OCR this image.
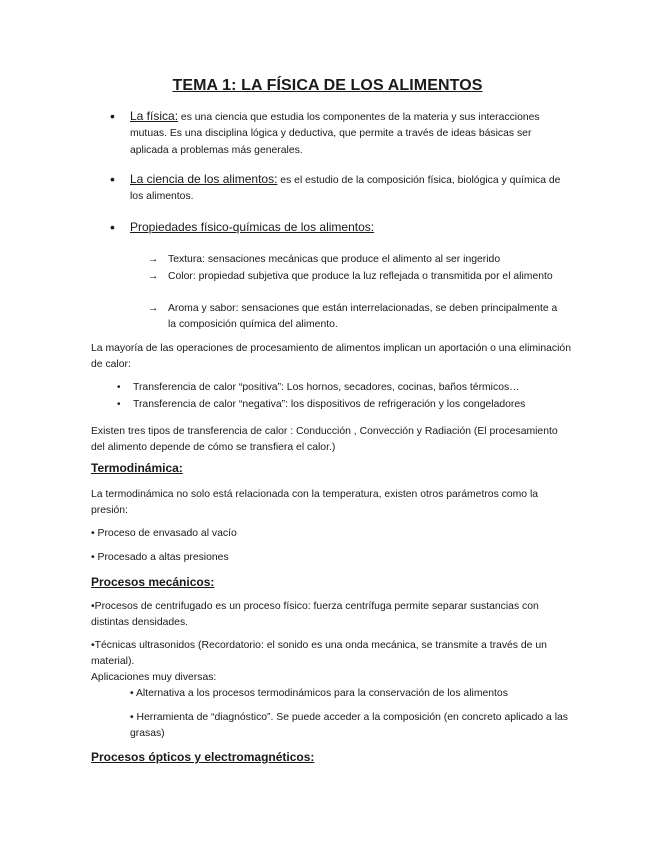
TEMA 1: LA FÍSICA DE LOS ALIMENTOS
• La física: es una ciencia que estudia los componentes de la materia y sus interacciones mutuas. Es una disciplina lógica y deductiva, que permite a través de ideas básicas ser aplicada a problemas más generales.
• La ciencia de los alimentos: es el estudio de la composición física, biológica y química de los alimentos.
• Propiedades físico-químicas de los alimentos:
→ Textura: sensaciones mecánicas que produce el alimento al ser ingerido
→ Color: propiedad subjetiva que produce la luz reflejada o transmitida por el alimento
→ Aroma y sabor: sensaciones que están interrelacionadas, se deben principalmente a la composición química del alimento.
La mayoría de las operaciones de procesamiento de alimentos implican un aportación o una eliminación de calor:
• Transferencia de calor “positiva”: Los hornos, secadores, cocinas, baños térmicos…
• Transferencia de calor “negativa”: los dispositivos de refrigeración y los congeladores
Existen tres tipos de transferencia de calor : Conducción , Convección y Radiación (El procesamiento del alimento depende de cómo se transfiera el calor.)
Termodinámica:
La termodinámica no solo está relacionada con la temperatura, existen otros parámetros como la presión:
• Proceso de envasado al vacío
• Procesado a altas presiones
Procesos mecánicos:
•Procesos de centrifugado es un proceso físico: fuerza centrífuga permite separar sustancias con distintas densidades.
•Técnicas ultrasonidos (Recordatorio: el sonido es una onda mecánica, se transmite a través de un material).
Aplicaciones muy diversas:
• Alternativa a los procesos termodinámicos para la conservación de los alimentos
• Herramienta de “diagnóstico”. Se puede acceder a la composición (en concreto aplicado a las grasas)
Procesos ópticos y electromagnéticos:
